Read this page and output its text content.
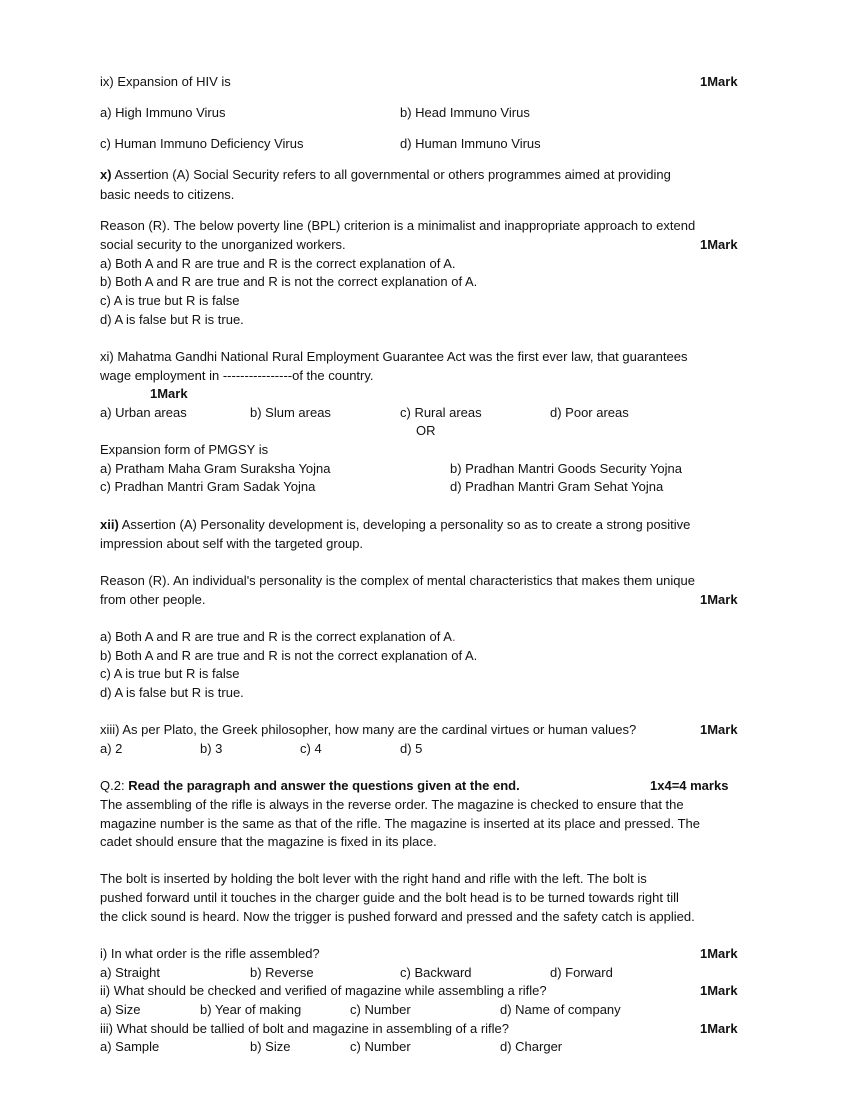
ix) Expansion of HIV is	1Mark
a) High Immuno Virus	b) Head Immuno Virus
c) Human Immuno Deficiency Virus	d) Human Immuno Virus
x) Assertion (A) Social Security refers to all governmental or others programmes aimed at providing
basic needs to citizens.
Reason (R). The below poverty line (BPL) criterion is a minimalist and inappropriate approach to extend
social security to the unorganized workers.	1Mark
a) Both A and R are true and R is the correct explanation of A.
b) Both A and R are true and R is not the correct explanation of A.
c) A is true but R is false
d) A is false but R is true.
xi) Mahatma Gandhi National Rural Employment Guarantee Act was the first ever law, that guarantees
wage employment in ----------------of the country.
1Mark
a) Urban areas	b) Slum areas	c) Rural areas	d) Poor areas
OR
Expansion form of PMGSY is
a) Pratham Maha Gram Suraksha Yojna	b) Pradhan Mantri Goods Security Yojna
c) Pradhan Mantri Gram Sadak Yojna	d) Pradhan Mantri Gram Sehat Yojna
xii) Assertion (A) Personality development is, developing a personality so as to create a strong positive
impression about self with the targeted group.
Reason (R). An individual's personality is the complex of mental characteristics that makes them unique
from other people.	1Mark
a) Both A and R are true and R is the correct explanation of A.
b) Both A and R are true and R is not the correct explanation of A.
c) A is true but R is false
d) A is false but R is true.
xiii) As per Plato, the Greek philosopher, how many are the cardinal virtues or human values?	1Mark
a) 2	b) 3	c) 4	d) 5
Q.2: Read the paragraph and answer the questions given at the end.	1x4=4 marks
The assembling of the rifle is always in the reverse order. The magazine is checked to ensure that the
magazine number is the same as that of the rifle. The magazine is inserted at its place and pressed. The
cadet should ensure that the magazine is fixed in its place.
The bolt is inserted by holding the bolt lever with the right hand and rifle with the left. The bolt is
pushed forward until it touches in the charger guide and the bolt head is to be turned towards right till
the click sound is heard. Now the trigger is pushed forward and pressed and the safety catch is applied.
i) In what order is the rifle assembled?	1Mark
a) Straight	b) Reverse	c) Backward	d) Forward
ii) What should be checked and verified of magazine while assembling a rifle?	1Mark
a) Size	b) Year of making	c) Number	d) Name of company
iii) What should be tallied of bolt and magazine in assembling of a rifle?	1Mark
a) Sample	b) Size	c) Number	d) Charger
